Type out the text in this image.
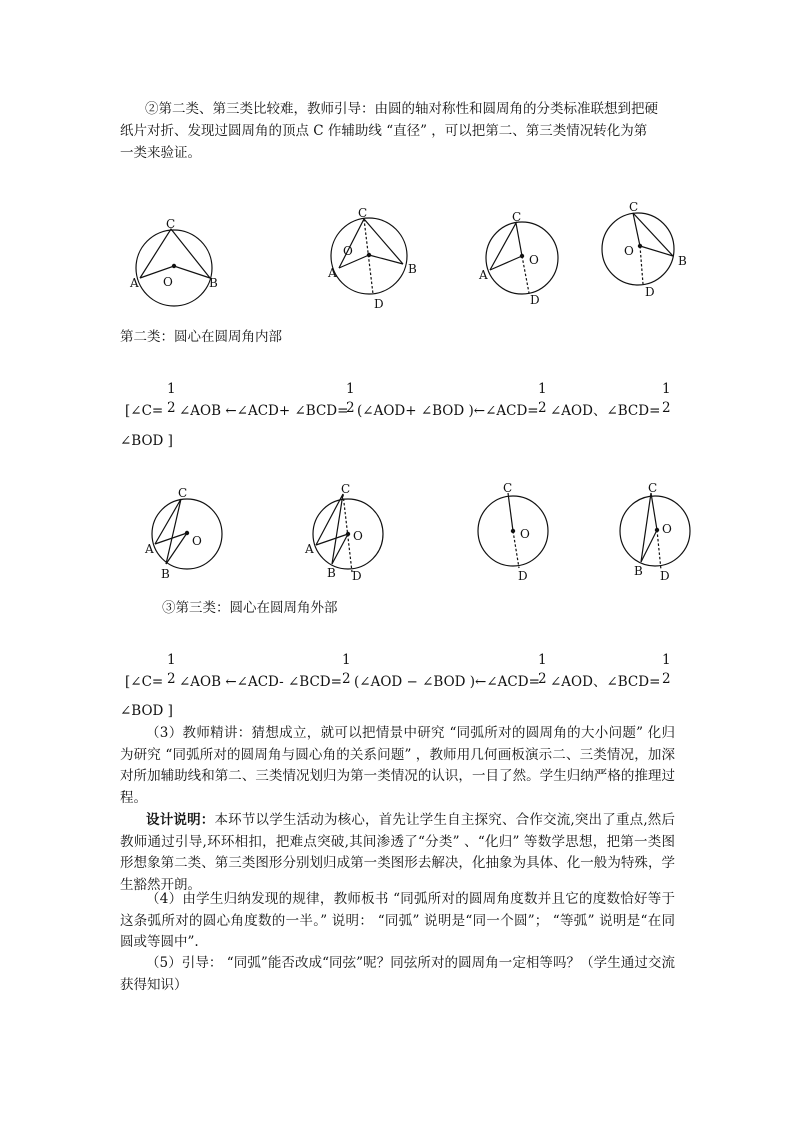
②第二类、第三类比较难，教师引导：由圆的轴对称性和圆周角的分类标准联想到把硬
纸片对折、发现过圆周角的顶点 C 作辅助线 “直径” ，可以把第二、第三类情况转化为第
一类来验证。
C
A O	B
C
O
A	B
D
C
O
A
D
C
O
B
D
第二类：圆心在圆周角内部
1
2
1
2
1
2
1
2
[∠C= ∠AOB ←∠ACD+ ∠BCD= (∠AOD+ ∠BOD )←∠ACD= ∠AOD、∠BCD=
∠BOD ]
C
O
A
B
C
O
A
B D
C
O
D
C
O
B D
③第三类：圆心在圆周角外部
1
2
1
2
1
2
1
2
[∠C= ∠AOB ←∠ACD- ∠BCD= (∠AOD − ∠BOD )←∠ACD= ∠AOD、∠BCD=
∠BOD ]
（3）教师精讲：猜想成立，就可以把情景中研究 “同弧所对的圆周角的大小问题” 化归为研究 “同弧所对的圆周角与圆心角的关系问题” ，教师用几何画板演示二、三类情况，加深对所加辅助线和第二、三类情况划归为第一类情况的认识，一目了然。学生归纳严格的推理过程。
设计说明：本环节以学生活动为核心，首先让学生自主探究、合作交流,突出了重点,然后教师通过引导,环环相扣，把难点突破,其间渗透了“分类” 、“化归” 等数学思想，把第一类图形想象第二类、第三类图形分别划归成第一类图形去解决，化抽象为具体、化一般为特殊，学生豁然开朗。
（4）由学生归纳发现的规律，教师板书 “同弧所对的圆周角度数并且它的度数恰好等于这条弧所对的圆心角度数的一半。” 说明： “同弧” 说明是“同一个圆”； “等弧” 说明是“在同圆或等圆中”.
（5）引导： “同弧”能否改成“同弦”呢？同弦所对的圆周角一定相等吗？（学生通过交流获得知识）
